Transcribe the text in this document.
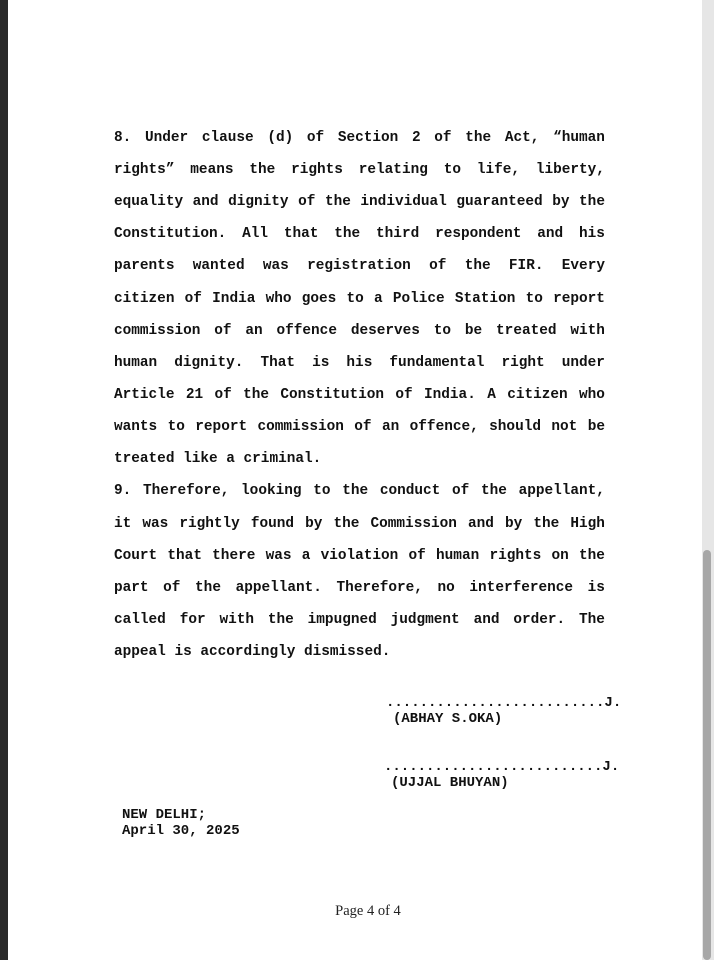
8. Under clause (d) of Section 2 of the Act, “human
rights” means the rights relating to life, liberty,
equality and dignity of the individual guaranteed by the
Constitution. All that the third respondent and his
parents wanted was registration of the FIR. Every
citizen of India who goes to a Police Station to report
commission of an offence deserves to be treated with
human dignity. That is his fundamental right under
Article 21 of the Constitution of India. A citizen who
wants to report commission of an offence, should not be
treated like a criminal.
9. Therefore, looking to the conduct of the appellant,
it was rightly found by the Commission and by the High
Court that there was a violation of human rights on the
part of the appellant. Therefore, no interference is
called for with the impugned judgment and order. The
appeal is accordingly dismissed.
..........................J.
(ABHAY S.OKA)
..........................J.
(UJJAL BHUYAN)
NEW DELHI;
April 30, 2025
Page 4 of 4
